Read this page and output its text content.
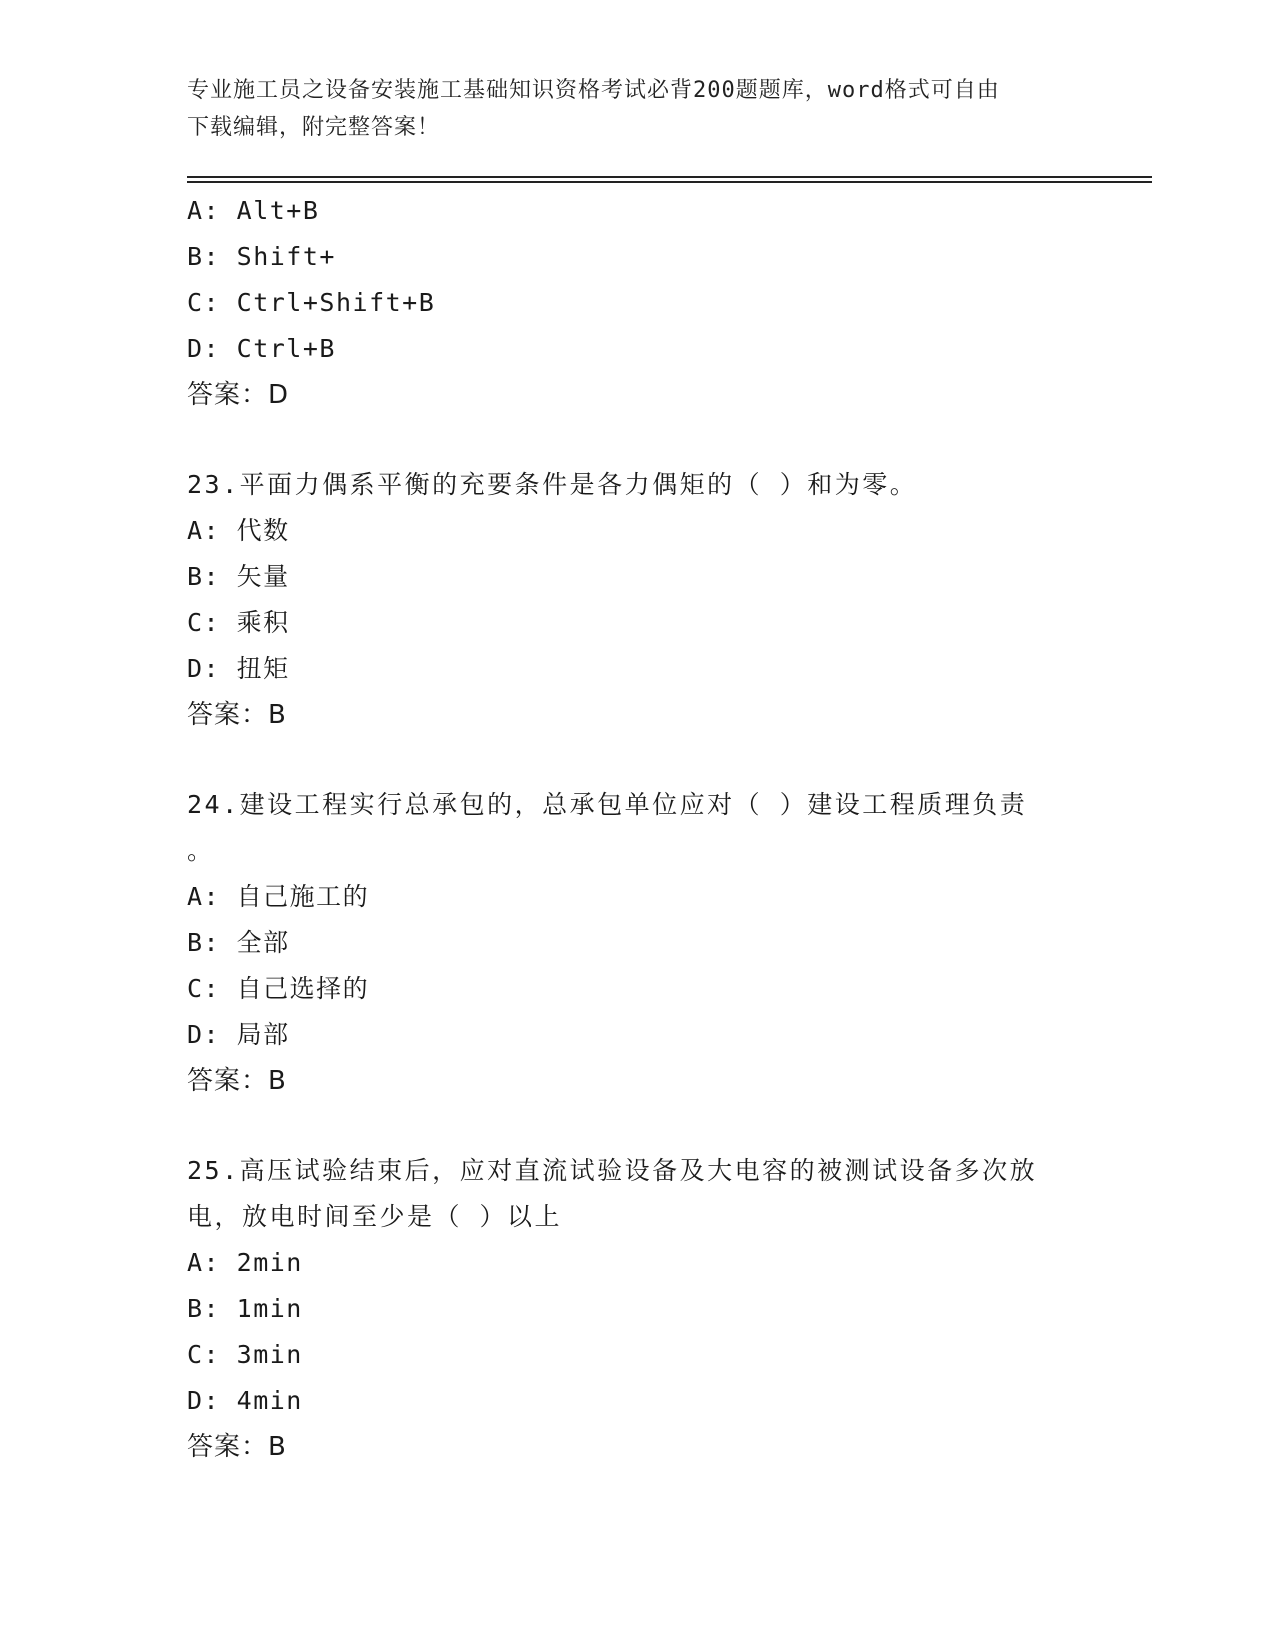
专业施工员之设备安装施工基础知识资格考试必背200题题库，word格式可自由
下载编辑，附完整答案！
A: Alt+B
B: Shift+
C: Ctrl+Shift+B
D: Ctrl+B
答案：D
23.平面力偶系平衡的充要条件是各力偶矩的（ ）和为零。
A: 代数
B: 矢量
C: 乘积
D: 扭矩
答案：B
24.建设工程实行总承包的，总承包单位应对（ ）建设工程质理负责
。
A: 自己施工的
B: 全部
C: 自己选择的
D: 局部
答案：B
25.高压试验结束后，应对直流试验设备及大电容的被测试设备多次放
电，放电时间至少是（ ）以上
A: 2min
B: 1min
C: 3min
D: 4min
答案：B
